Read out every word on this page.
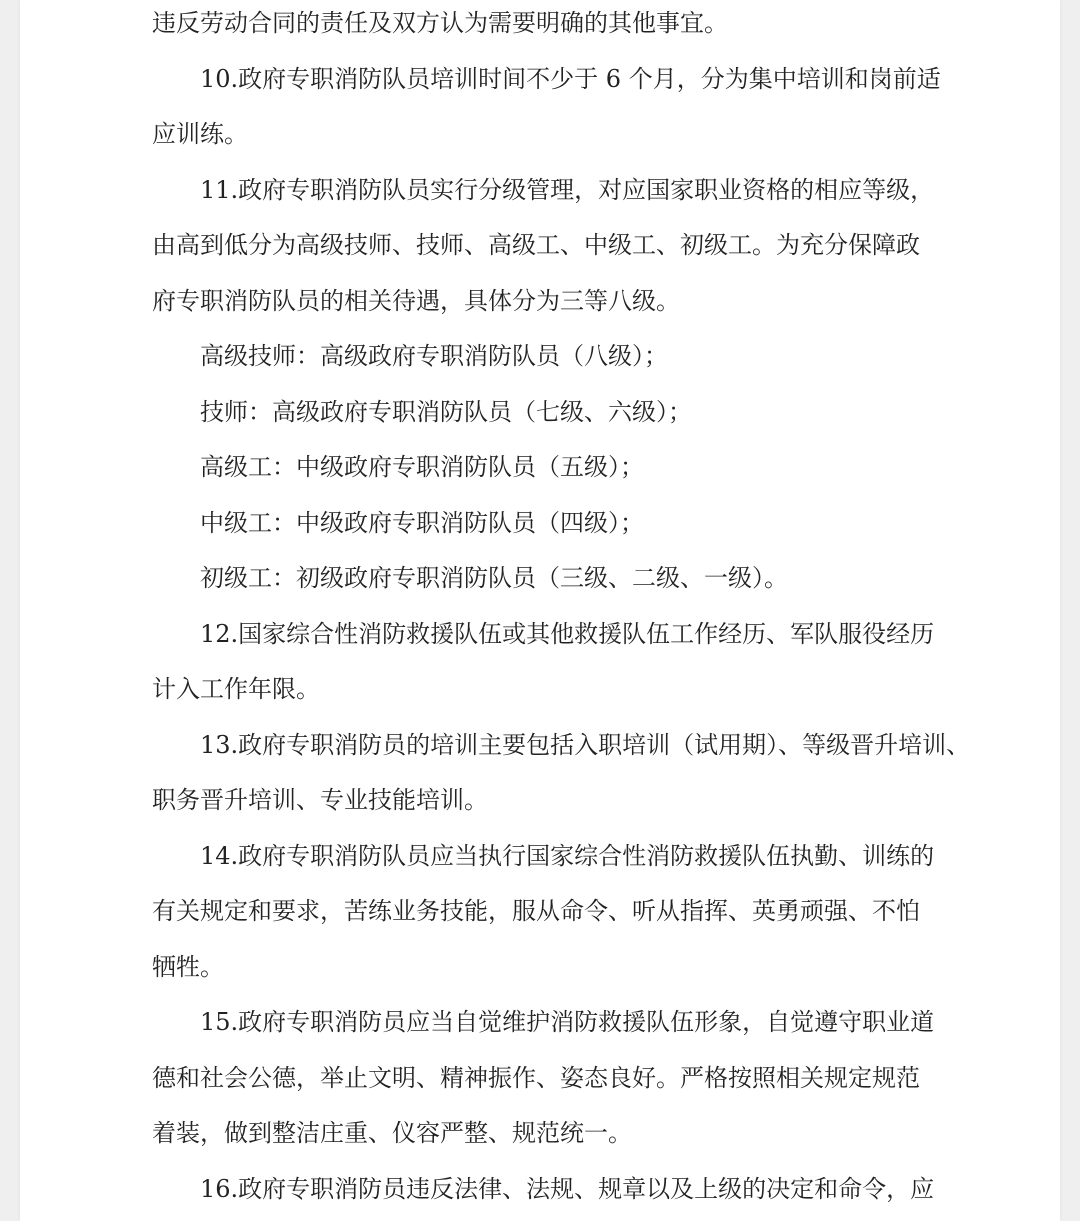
违反劳动合同的责任及双方认为需要明确的其他事宜。
10.政府专职消防队员培训时间不少于 6 个月，分为集中培训和岗前适
应训练。
11.政府专职消防队员实行分级管理，对应国家职业资格的相应等级，
由高到低分为高级技师、技师、高级工、中级工、初级工。为充分保障政
府专职消防队员的相关待遇，具体分为三等八级。
高级技师：高级政府专职消防队员（八级）；
技师：高级政府专职消防队员（七级、六级）；
高级工：中级政府专职消防队员（五级）；
中级工：中级政府专职消防队员（四级）；
初级工：初级政府专职消防队员（三级、二级、一级）。
12.国家综合性消防救援队伍或其他救援队伍工作经历、军队服役经历
计入工作年限。
13.政府专职消防员的培训主要包括入职培训（试用期）、等级晋升培训、
职务晋升培训、专业技能培训。
14.政府专职消防队员应当执行国家综合性消防救援队伍执勤、训练的
有关规定和要求，苦练业务技能，服从命令、听从指挥、英勇顽强、不怕
牺牲。
15.政府专职消防员应当自觉维护消防救援队伍形象，自觉遵守职业道
德和社会公德，举止文明、精神振作、姿态良好。严格按照相关规定规范
着装，做到整洁庄重、仪容严整、规范统一。
16.政府专职消防员违反法律、法规、规章以及上级的决定和命令，应
